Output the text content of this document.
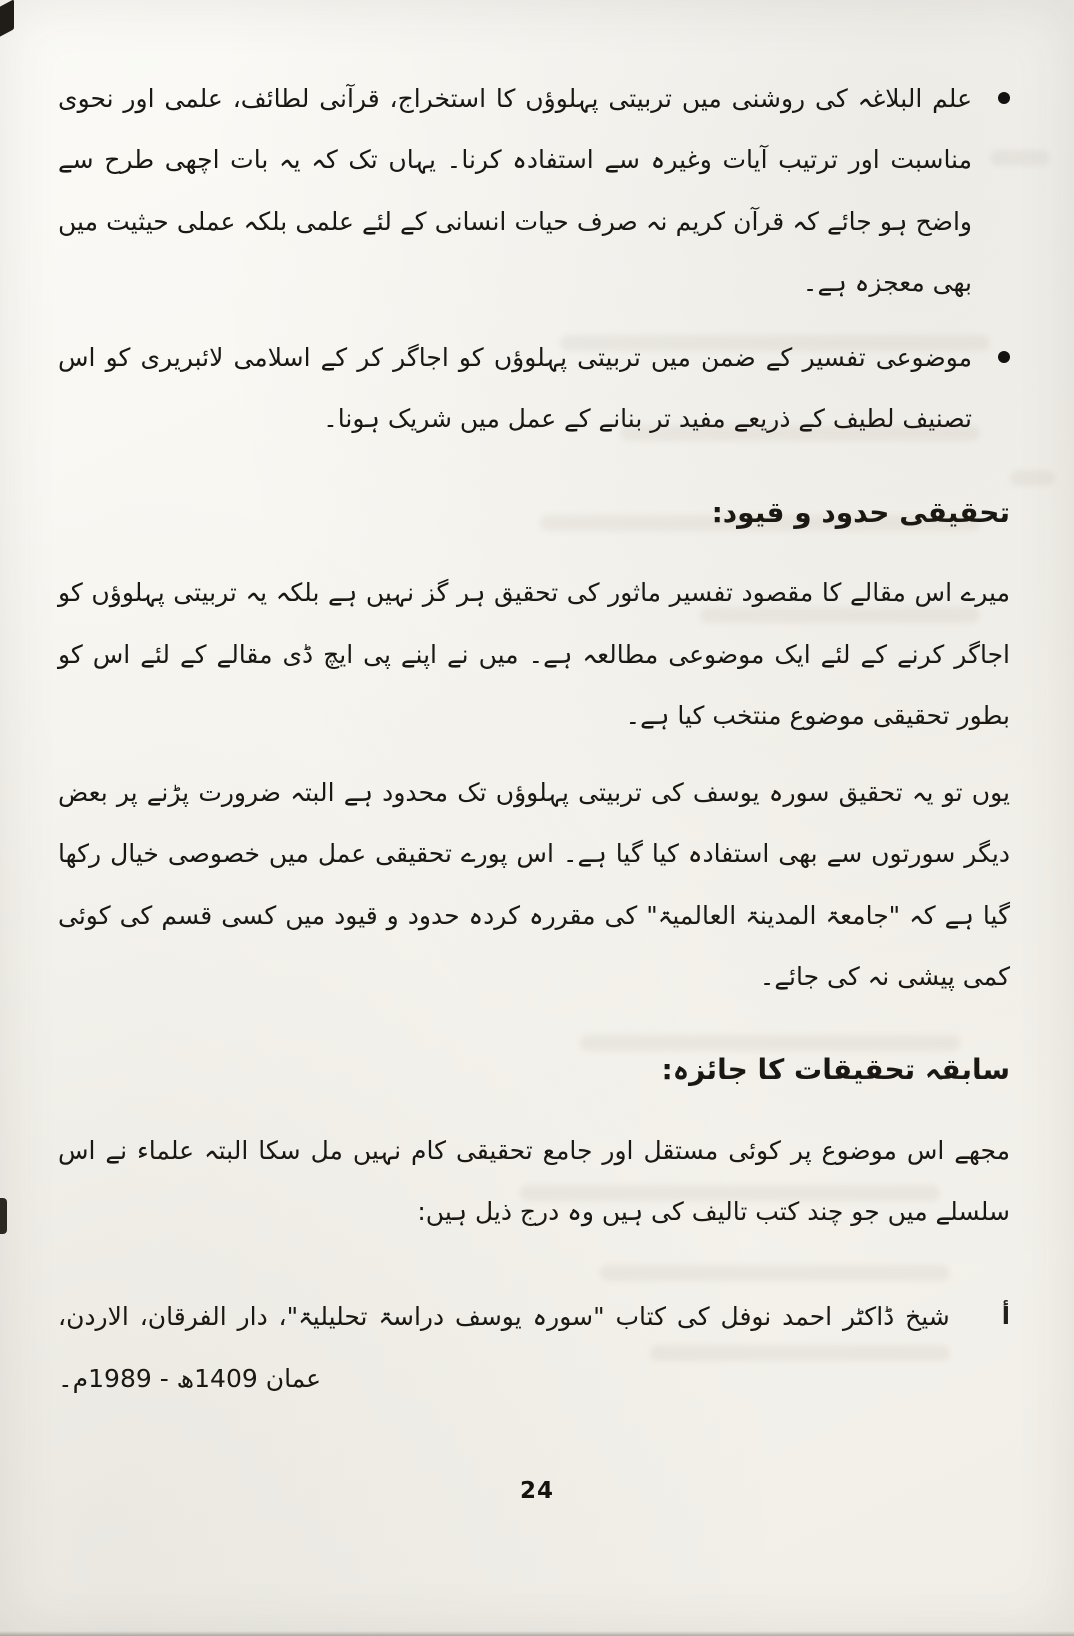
علم البلاغہ کی روشنی میں تربیتی پہلوؤں کا استخراج، قرآنی لطائف، علمی اور نحوی مناسبت اور ترتیب آیات وغیرہ سے استفادہ کرنا۔ یہاں تک کہ یہ بات اچھی طرح سے واضح ہو جائے کہ قرآن کریم نہ صرف حیات انسانی کے لئے علمی بلکہ عملی حیثیت میں بھی معجزہ ہے۔

موضوعی تفسیر کے ضمن میں تربیتی پہلوؤں کو اجاگر کر کے اسلامی لائبریری کو اس تصنیف لطیف کے ذریعے مفید تر بنانے کے عمل میں شریک ہونا۔

تحقیقی حدود و قیود:

میرے اس مقالے کا مقصود تفسیر ماثور کی تحقیق ہر گز نہیں ہے بلکہ یہ تربیتی پہلوؤں کو اجاگر کرنے کے لئے ایک موضوعی مطالعہ ہے۔ میں نے اپنے پی ایچ ڈی مقالے کے لئے اس کو بطور تحقیقی موضوع منتخب کیا ہے۔

یوں تو یہ تحقیق سورہ یوسف کی تربیتی پہلوؤں تک محدود ہے البتہ ضرورت پڑنے پر بعض دیگر سورتوں سے بھی استفادہ کیا گیا ہے۔ اس پورے تحقیقی عمل میں خصوصی خیال رکھا گیا ہے کہ "جامعۃ المدینۃ العالمیۃ" کی مقررہ کردہ حدود و قیود میں کسی قسم کی کوئی کمی پیشی نہ کی جائے۔

سابقہ تحقیقات کا جائزہ:

مجھے اس موضوع پر کوئی مستقل اور جامع تحقیقی کام نہیں مل سکا البتہ علماء نے اس سلسلے میں جو چند کتب تالیف کی ہیں وہ درج ذیل ہیں:

أ

شیخ ڈاکٹر احمد نوفل کی کتاب "سورہ یوسف دراسۃ تحلیلیۃ"، دار الفرقان، الاردن، عمان 1409ھ - 1989م۔

24
